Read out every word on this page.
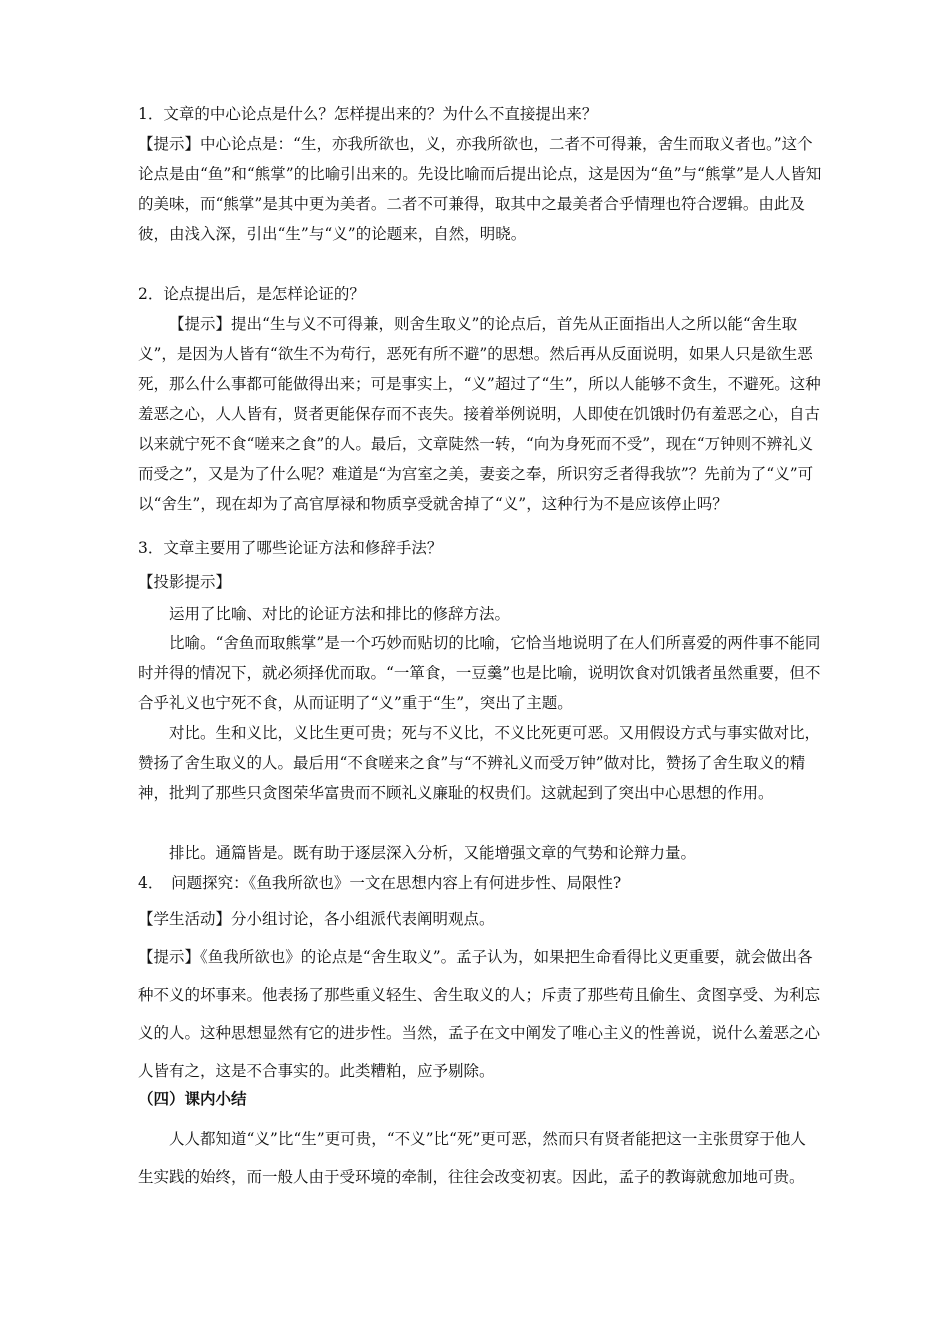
1．文章的中心论点是什么？怎样提出来的？为什么不直接提出来？

【提示】中心论点是：“生，亦我所欲也，义，亦我所欲也，二者不可得兼，舍生而取义者也。”这个论点是由“鱼”和“熊掌”的比喻引出来的。先设比喻而后提出论点，这是因为“鱼”与“熊掌”是人人皆知的美味，而“熊掌”是其中更为美者。二者不可兼得，取其中之最美者合乎情理也符合逻辑。由此及彼，由浅入深，引出“生”与“义”的论题来，自然，明晓。

2．论点提出后，是怎样论证的？

【提示】提出“生与义不可得兼，则舍生取义”的论点后，首先从正面指出人之所以能“舍生取义”，是因为人皆有“欲生不为苟行，恶死有所不避”的思想。然后再从反面说明，如果人只是欲生恶死，那么什么事都可能做得出来；可是事实上，“义”超过了“生”，所以人能够不贪生，不避死。这种羞恶之心，人人皆有，贤者更能保存而不丧失。接着举例说明，人即使在饥饿时仍有羞恶之心，自古以来就宁死不食“嗟来之食”的人。最后，文章陡然一转，“向为身死而不受”，现在“万钟则不辨礼义而受之”，又是为了什么呢？难道是“为宫室之美，妻妾之奉，所识穷乏者得我欤”？先前为了“义”可以“舍生”，现在却为了高官厚禄和物质享受就舍掉了“义”，这种行为不是应该停止吗？

3．文章主要用了哪些论证方法和修辞手法？

【投影提示】

运用了比喻、对比的论证方法和排比的修辞方法。

比喻。“舍鱼而取熊掌”是一个巧妙而贴切的比喻，它恰当地说明了在人们所喜爱的两件事不能同时并得的情况下，就必须择优而取。“一箪食，一豆羹”也是比喻，说明饮食对饥饿者虽然重要，但不合乎礼义也宁死不食，从而证明了“义”重于“生”，突出了主题。

对比。生和义比，义比生更可贵；死与不义比，不义比死更可恶。又用假设方式与事实做对比，赞扬了舍生取义的人。最后用“不食嗟来之食”与“不辨礼义而受万钟”做对比，赞扬了舍生取义的精神，批判了那些只贪图荣华富贵而不顾礼义廉耻的权贵们。这就起到了突出中心思想的作用。

排比。通篇皆是。既有助于逐层深入分析，又能增强文章的气势和论辩力量。

4．　问题探究：《鱼我所欲也》一文在思想内容上有何进步性、局限性?

【学生活动】分小组讨论，各小组派代表阐明观点。

【提示】《鱼我所欲也》的论点是“舍生取义”。孟子认为，如果把生命看得比义更重要，就会做出各种不义的坏事来。他表扬了那些重义轻生、舍生取义的人；斥责了那些苟且偷生、贪图享受、为利忘义的人。这种思想显然有它的进步性。当然，孟子在文中阐发了唯心主义的性善说，说什么羞恶之心人皆有之，这是不合事实的。此类糟粕，应予剔除。

（四）课内小结

人人都知道“义”比“生”更可贵，“不义”比“死”更可恶，然而只有贤者能把这一主张贯穿于他人生实践的始终，而一般人由于受环境的牵制，往往会改变初衷。因此，孟子的教诲就愈加地可贵。
